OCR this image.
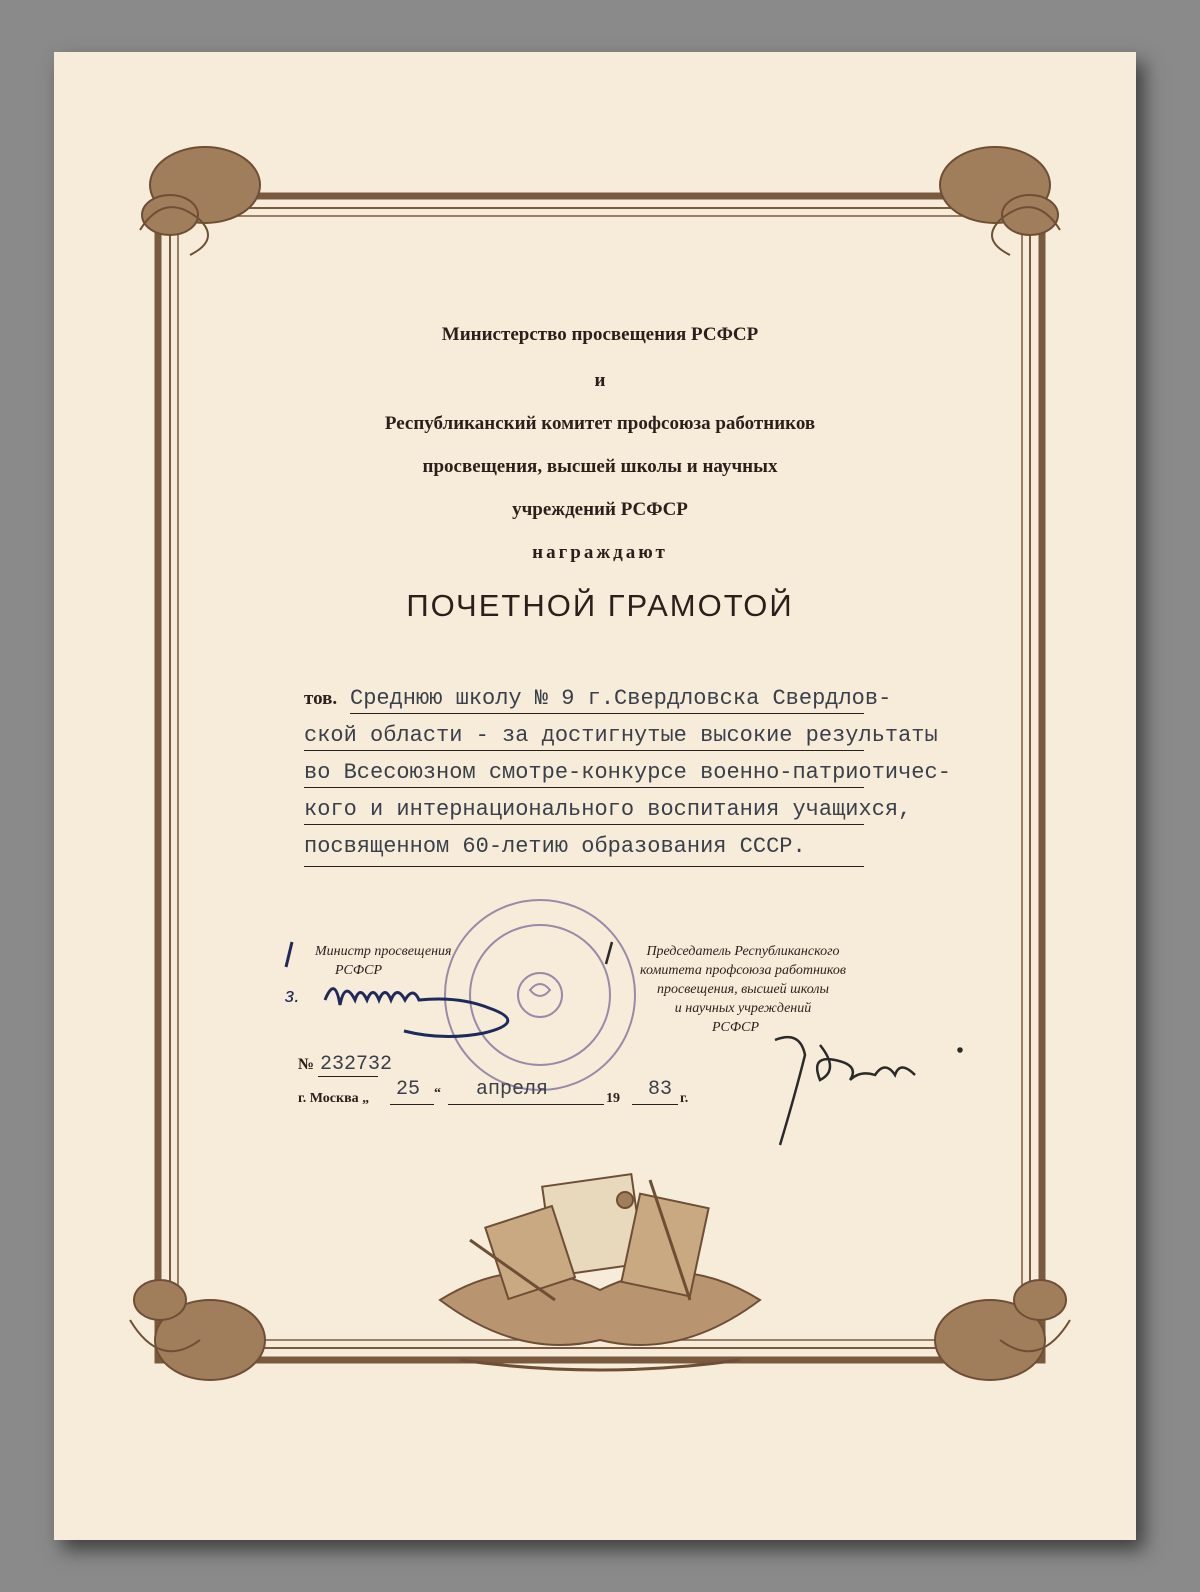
Министерство просвещения РСФСР
и
Республиканский комитет профсоюза работников
просвещения, высшей школы и научных
учреждений РСФСР
награждают
ПОЧЕТНОЙ ГРАМОТОЙ
тов. Среднюю школу № 9 г.Свердловска Свердлов-
ской области - за достигнутые высокие результаты
во Всесоюзном смотре-конкурсе военно-патриотичес-
кого и интернационального воспитания учащихся,
посвященном 60-летию образования СССР.
Министр просвещения
РСФСР
з.
Председатель Республиканского
комитета профсоюза работников
просвещения, высшей школы
и научных учреждений
РСФСР
№ 232732
г. Москва „ 25 “ апреля	19 83 г.
